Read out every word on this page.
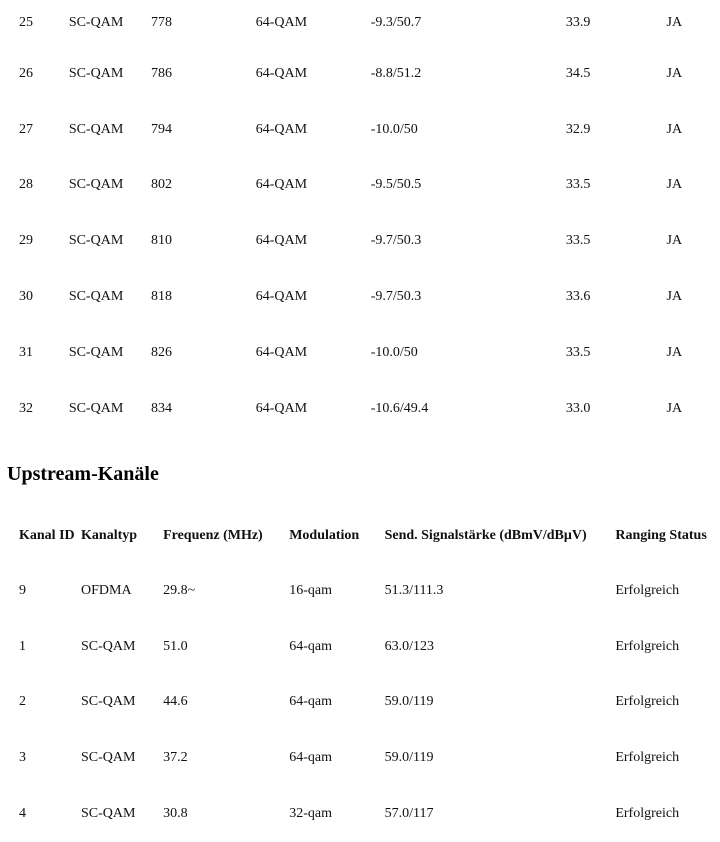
25	SC-QAM	778	64-QAM	-9.3/50.7	33.9	JA
26	SC-QAM	786	64-QAM	-8.8/51.2	34.5	JA
27	SC-QAM	794	64-QAM	-10.0/50	32.9	JA
28	SC-QAM	802	64-QAM	-9.5/50.5	33.5	JA
29	SC-QAM	810	64-QAM	-9.7/50.3	33.5	JA
30	SC-QAM	818	64-QAM	-9.7/50.3	33.6	JA
31	SC-QAM	826	64-QAM	-10.0/50	33.5	JA
32	SC-QAM	834	64-QAM	-10.6/49.4	33.0	JA
Upstream-Kanäle
Kanal ID	Kanaltyp	Frequenz (MHz)	Modulation	Send. Signalstärke (dBmV/dBμV)	Ranging Status
9	OFDMA	29.8~	16-qam	51.3/111.3	Erfolgreich
1	SC-QAM	51.0	64-qam	63.0/123	Erfolgreich
2	SC-QAM	44.6	64-qam	59.0/119	Erfolgreich
3	SC-QAM	37.2	64-qam	59.0/119	Erfolgreich
4	SC-QAM	30.8	32-qam	57.0/117	Erfolgreich
